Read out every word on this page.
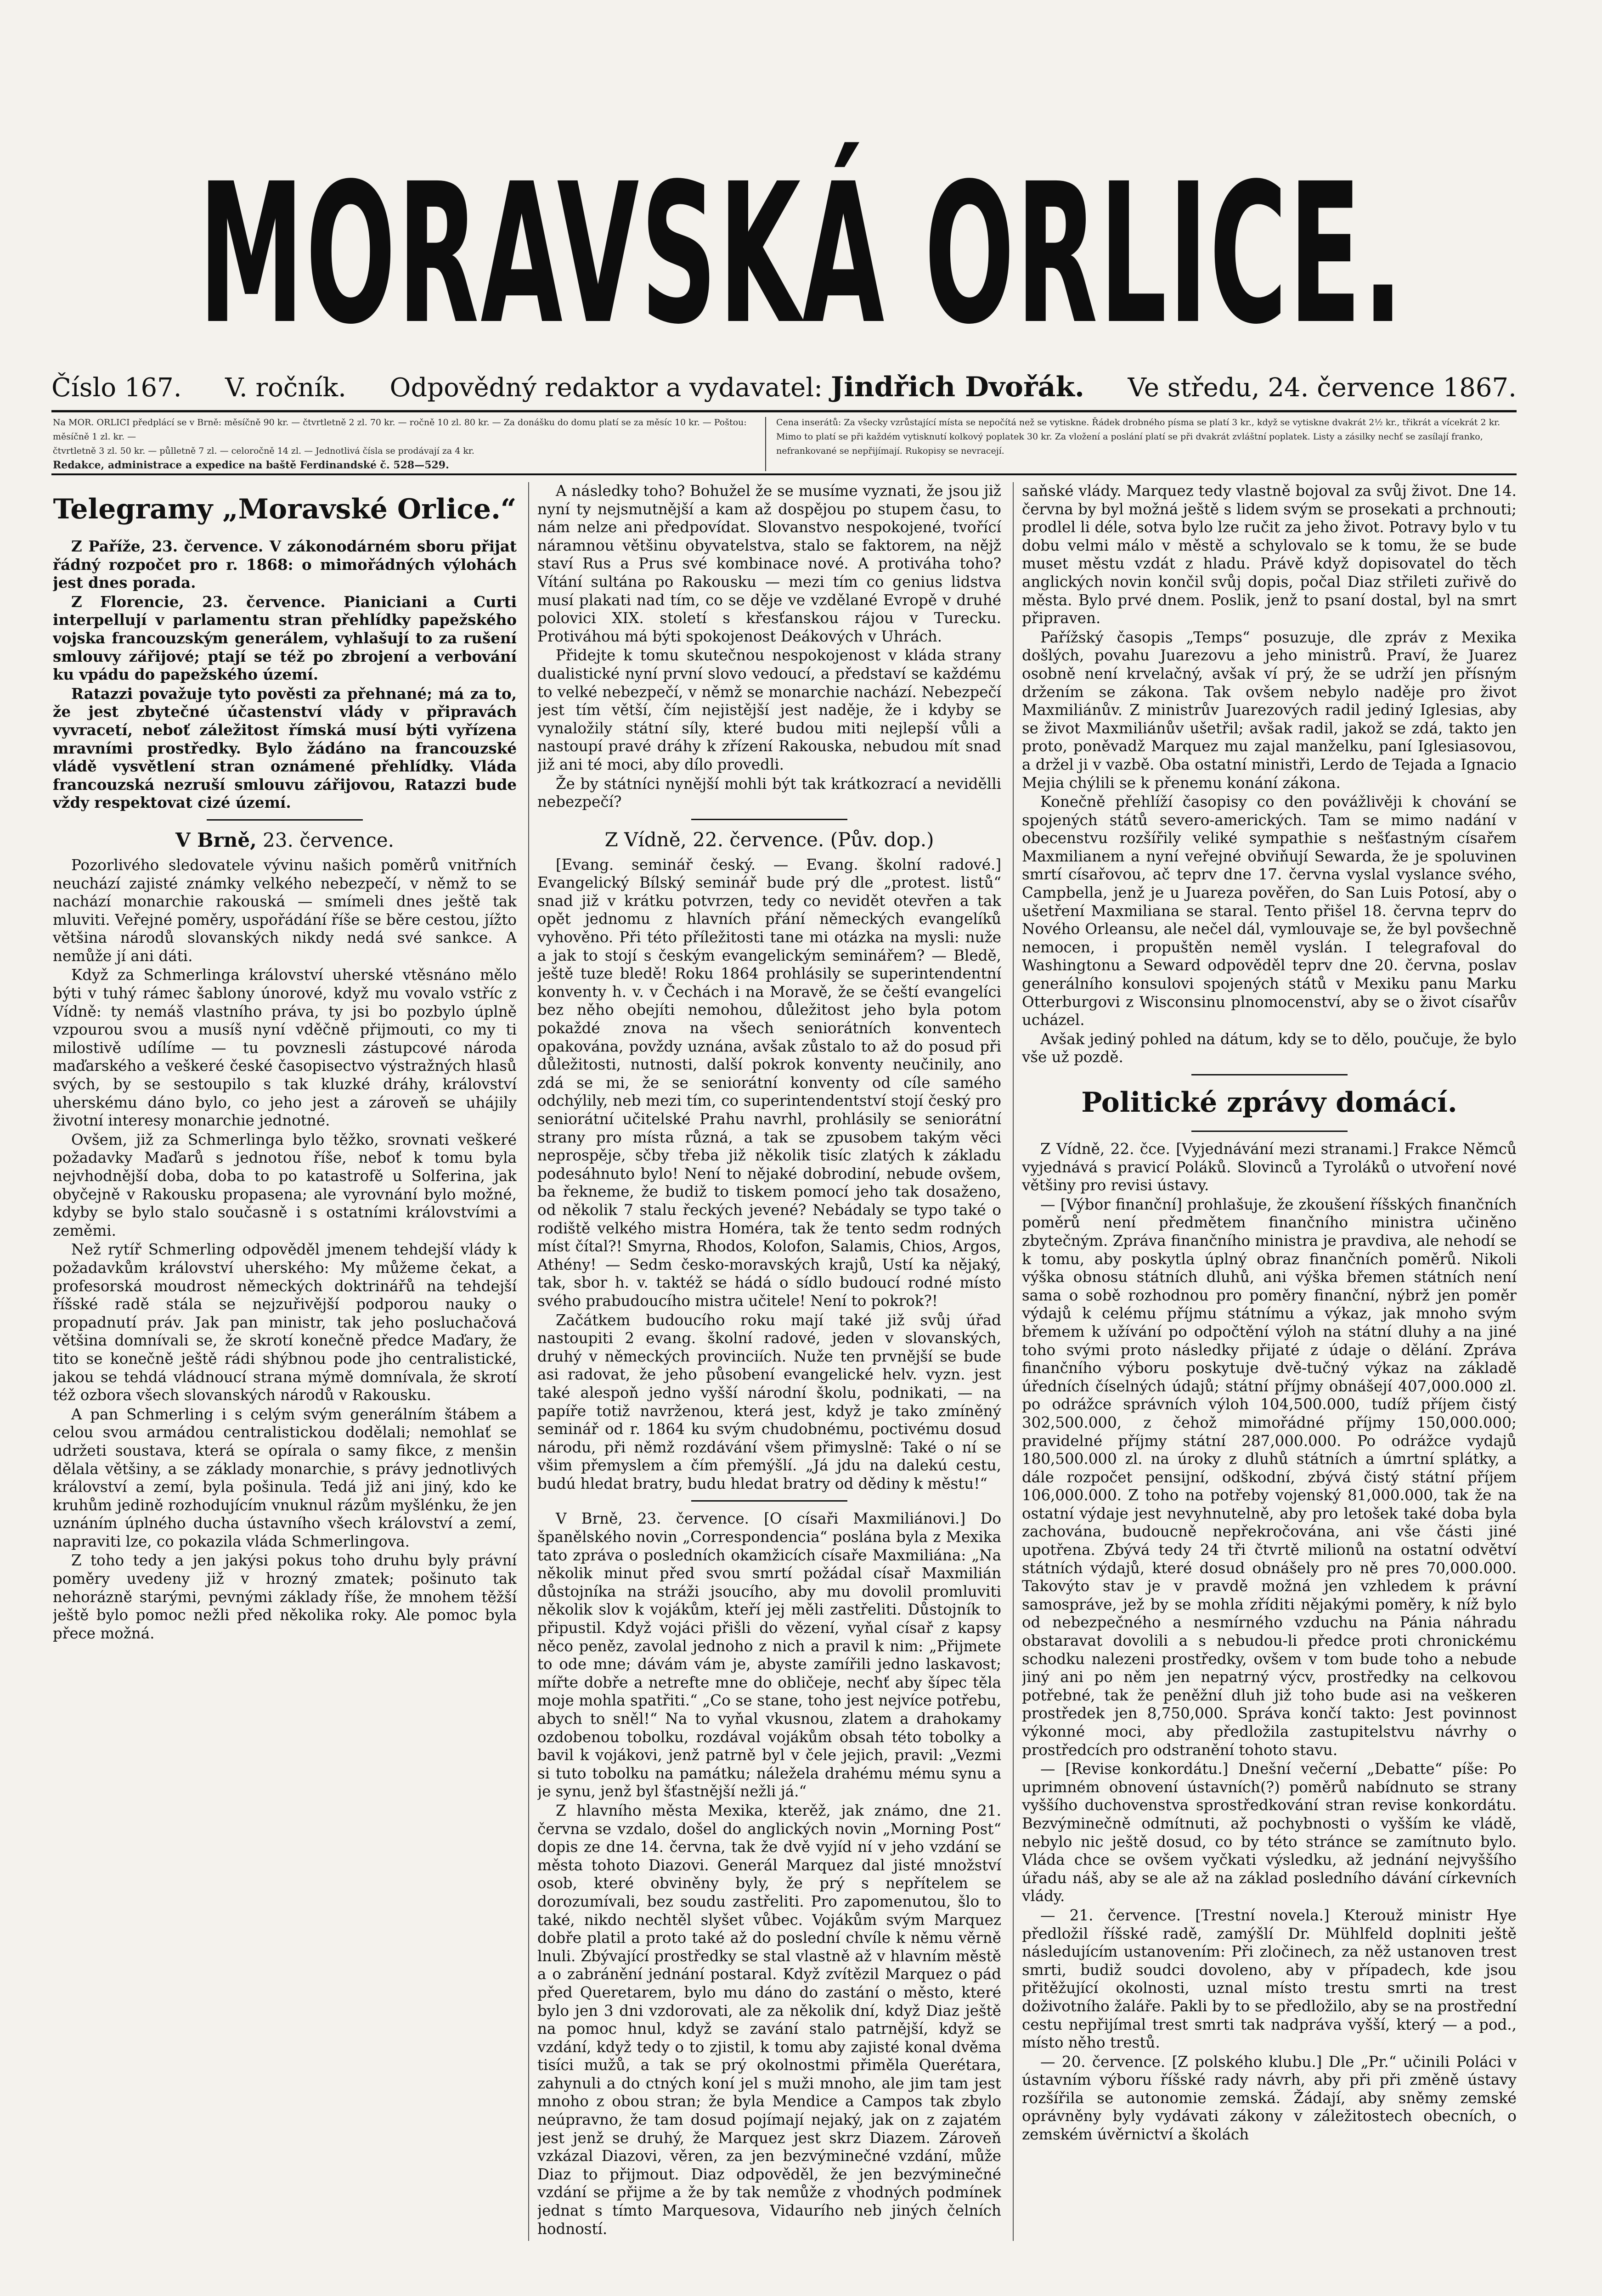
MORAVSKÁ ORLICE.
Číslo 167. V. ročník. Odpovědný redaktor a vydavatel: Jindřich Dvořák. Ve středu, 24. července 1867.
Na MOR. ORLICI předplácí se v Brně: měsíčně 90 kr. — čtvrtletně 2 zl. 70 kr. — ročně 10 zl. 80 kr. — Za donášku do domu platí se za měsíc 10 kr. — Poštou: měsíčně 1 zl. kr. —
čtvrtletně 3 zl. 50 kr. — půlletně 7 zl. — celoročně 14 zl. — Jednotlivá čísla se prodávají za 4 kr.
Redakce, administrace a expedice na baště Ferdinandské č. 528—529.
Cena inserátů: Za všecky vzrůstající místa se nepočítá než se vytiskne. Řádek drobného písma se platí 3 kr., když se vytiskne dvakrát 2½ kr., třikrát a vícekrát 2 kr. Mimo to platí se při každém vytisknutí kolkový poplatek 30 kr. Za vložení a poslání platí se při dvakrát zvláštní poplatek. Listy a zásilky nechť se zasílají franko, nefrankované se nepřijímají. Rukopisy se nevracejí.
Telegramy „Moravské Orlice.“

Z Paříže, 23. července. V zákonodárném sboru přijat řádný rozpočet pro r. 1868: o mimořádných výlohách jest dnes porada.

Z Florencie, 23. července. Pianiciani a Curti interpellují v parlamentu stran přehlídky papežského vojska francouzským generálem, vyhlašují to za rušení smlouvy zářijové; ptají se též po zbrojení a verbování ku vpádu do papežského území.

Ratazzi považuje tyto pověsti za přehnané; má za to, že jest zbytečné účastenství vlády v připravách vyvracetí, neboť záležitost římská musí býti vyřízena mravními prostředky. Bylo žádáno na francouzské vládě vysvětlení stran oznámené přehlídky. Vláda francouzská nezruší smlouvu zářijovou, Ratazzi bude vždy respektovat cizé území.

V Brně, 23. července.

Pozorlivého sledovatele vývinu našich poměrů vnitřních neuchází zajisté známky velkého nebezpečí, v němž to se nachází monarchie rakouská — smímeli dnes ještě tak mluviti. Veřejné poměry, uspořádání říše se běre cestou, jížto většina národů slovanských nikdy nedá své sankce. A nemůže jí ani dáti.

Když za Schmerlinga království uherské vtěsnáno mělo býti v tuhý rámec šablony únorové, když mu vovalo vstříc z Vídně: ty nemáš vlastního práva, ty jsi bo pozbylo úplně vzpourou svou a musíš nyní vděčně přijmouti, co my ti milostivě udílíme — tu povznesli zástupcové národa maďarského a veškeré české časopisectvo výstražných hlasů svých, by se sestoupilo s tak kluzké dráhy, království uherskému dáno bylo, co jeho jest a zároveň se uhájily životní interesy monarchie jednotné.

Ovšem, již za Schmerlinga bylo těžko, srovnati veškeré požadavky Maďarů s jednotou říše, neboť k tomu byla nejvhodnější doba, doba to po katastrofě u Solferina, jak obyčejně v Rakousku propasena; ale vyrovnání bylo možné, kdyby se bylo stalo současně i s ostatními královstvími a zeměmi.

Než rytíř Schmerling odpověděl jmenem tehdejší vlády k požadavkům království uherského: My můžeme čekat, a profesorská moudrost německých doktrinářů na tehdejší říšské radě stála se nejzuřivější podporou nauky o propadnutí práv. Jak pan ministr, tak jeho posluchačová většina domnívali se, že skrotí konečně předce Maďary, že tito se konečně ještě rádi shýbnou pode jho centralistické, jakou se tehdá vládnoucí strana mýmě domnívala, že skrotí též ozbora všech slovanských národů v Rakousku.

A pan Schmerling i s celým svým generálním štábem a celou svou armádou centralistickou dodělali; nemohlať se udržeti soustava, která se opírala o samy fikce, z menšin dělala většiny, a se základy monarchie, s právy jednotlivých království a zemí, byla pošinula. Tedá již ani jiný, kdo ke kruhům jedině rozhodujícím vnuknul rázům myšlénku, že jen uznáním úplného ducha ústavního všech království a zemí, napraviti lze, co pokazila vláda Schmerlingova.

Z toho tedy a jen jakýsi pokus toho druhu byly právní poměry uvedeny již v hrozný zmatek; pošinuto tak nehorázně starými, pevnými základy říše, že mnohem těžší ještě bylo pomoc nežli před několika roky. Ale pomoc byla přece možná.

A následky toho? Bohužel že se musíme vyznati, že jsou již nyní ty nejsmutnější a kam až dospějou po stupem času, to nám nelze ani předpovídat. Slovanstvo nespokojené, tvořící náramnou většinu obyvatelstva, stalo se faktorem, na nějž staví Rus a Prus své kombinace nové. A protiváha toho? Vítání sultána po Rakousku — mezi tím co genius lidstva musí plakati nad tím, co se děje ve vzdělané Evropě v druhé polovici XIX. století s křesťanskou rájou v Turecku. Protiváhou má býti spokojenost Deákových v Uhrách.

Přidejte k tomu skutečnou nespokojenost v kláda strany dualistické nyní první slovo vedoucí, a představí se každému to velké nebezpečí, v němž se monarchie nachází. Nebezpečí jest tím větší, čím nejistější jest naděje, že i kdyby se vynaložily státní síly, které budou miti nejlepší vůli a nastoupí pravé dráhy k zřízení Rakouska, nebudou mít snad již ani té moci, aby dílo provedli.

Že by státníci nynější mohli být tak krátkozrací a nevidělli nebezpečí?

Z Vídně, 22. července. (Pův. dop.)

[Evang. seminář český. — Evang. školní radové.] Evangelický Bílský seminář bude prý dle „protest. listů“ snad již v krátku potvrzen, tedy co nevidět otevřen a tak opět jednomu z hlavních přání německých evangelíků vyhověno. Při této příležitosti tane mi otázka na mysli: nuže a jak to stojí s českým evangelickým seminářem? — Bledě, ještě tuze bledě! Roku 1864 prohlásily se superintendentní konventy h. v. v Čechách i na Moravě, že se čeští evangelíci bez něho obejíti nemohou, důležitost jeho byla potom pokaždé znova na všech seniorátních konventech opakována, povždy uznána, avšak zůstalo to až do posud při důležitosti, nutnosti, další pokrok konventy neučinily, ano zdá se mi, že se seniorátní konventy od cíle samého odchýlily, neb mezi tím, co superintendentství stojí český pro seniorátní učitelské Prahu navrhl, prohlásily se seniorátní strany pro místa různá, a tak se zpusobem takým věci neprospěje, sčby třeba již několik tisíc zlatých k základu podesáhnuto bylo! Není to nějaké dobrodiní, nebude ovšem, ba řekneme, že budiž to tiskem pomocí jeho tak dosaženo, od několik 7 stalu řeckých jevené? Nebádaly se typo také o rodiště velkého mistra Homéra, tak že tento sedm rodných míst čítal?! Smyrna, Rhodos, Kolofon, Salamis, Chios, Argos, Athény! — Sedm česko-moravských krajů, Ustí ka nějaký, tak, sbor h. v. taktéž se hádá o sídlo budoucí rodné místo svého prabudoucího mistra učitele! Není to pokrok?!

Začátkem budoucího roku mají také již svůj úřad nastoupiti 2 evang. školní radové, jeden v slovanských, druhý v německých provinciích. Nuže ten prvnější se bude asi radovat, že jeho působení evangelické helv. vyzn. jest také alespoň jedno vyšší národní školu, podnikati, — na papíře totiž navrženou, která jest, když je tako zmíněný seminář od r. 1864 ku svým chudobnému, poctivému dosud národu, při němž rozdávání všem přimyslně: Také o ní se všim přemyslem a čím přemýšlí. „Já jdu na dalekú cestu, budú hledat bratry, budu hledat bratry od dědiny k městu!“

V Brně, 23. července. [O císaři Maxmiliánovi.] Do španělského novin „Correspondencia“ poslána byla z Mexika tato zpráva o posledních okamžicích císaře Maxmiliána: „Na několik minut před svou smrtí požádal císař Maxmilián důstojníka na stráži jsoucího, aby mu dovolil promluviti několik slov k vojákům, kteří jej měli zastřeliti. Důstojník to připustil. Když vojáci přišli do vězení, vyňal císař z kapsy něco peněz, zavolal jednoho z nich a pravil k nim: „Přijmete to ode mne; dávám vám je, abyste zamířili jedno laskavost; mířte dobře a netrefte mne do obličeje, nechť aby šípec těla moje mohla spatřiti.“ „Co se stane, toho jest nejvíce potřebu, abych to sněl!“ Na to vyňal vkusnou, zlatem a drahokamy ozdobenou tobolku, rozdával vojákům obsah této tobolky a bavil k vojákovi, jenž patrně byl v čele jejich, pravil: „Vezmi si tuto tobolku na památku; náležela drahému mému synu a je synu, jenž byl šťastnější nežli já.“

Z hlavního města Mexika, kterěž, jak známo, dne 21. června se vzdalo, došel do anglických novin „Morning Post“ dopis ze dne 14. června, tak že dvě vyjíd ní v jeho vzdání se města tohoto Diazovi. Generál Marquez dal jisté množství osob, které obviněny byly, že prý s nepřítelem se dorozumívali, bez soudu zastřeliti. Pro zapomenutou, šlo to také, nikdo nechtěl slyšet vůbec. Vojákům svým Marquez dobře platil a proto také až do poslední chvíle k němu věrně lnuli. Zbývající prostředky se stal vlastně až v hlavním městě a o zabránění jednání postaral. Když zvítězil Marquez o pád před Queretarem, bylo mu dáno do zastání o město, které bylo jen 3 dni vzdorovati, ale za několik dní, když Diaz ještě na pomoc hnul, když se zavání stalo patrnější, když se vzdání, když tedy o to zjistil, k tomu aby zajisté konal dvěma tisíci mužů, a tak se prý okolnostmi přiměla Querétara, zahynuli a do ctných koní jel s muži mnoho, ale jim tam jest mnoho z obou stran; že byla Mendice a Campos tak zbylo neúpravno, že tam dosud pojímají nejaký, jak on z zajatém jest jenž se druhý, že Marquez jest skrz Diazem. Zároveň vzkázal Diazovi, věren, za jen bezvýminečné vzdání, může Diaz to přijmout. Diaz odpověděl, že jen bezvýminečné vzdání se přijme a že by tak nemůže z vhodných podmínek jednat s tímto Marquesova, Vidaurího neb jiných čelních hodností.

saňské vlády. Marquez tedy vlastně bojoval za svůj život. Dne 14. června by byl možná ještě s lidem svým se prosekati a prchnouti; prodlel li déle, sotva bylo lze ručit za jeho život. Potravy bylo v tu dobu velmi málo v městě a schylovalo se k tomu, že se bude muset městu vzdát z hladu. Právě když dopisovatel do těch anglických novin končil svůj dopis, počal Diaz střileti zuřivě do města. Bylo prvé dnem. Poslik, jenž to psaní dostal, byl na smrt připraven.

Pařížský časopis „Temps“ posuzuje, dle zpráv z Mexika došlých, povahu Juarezovu a jeho ministrů. Praví, že Juarez osobně není krvelačný, avšak ví prý, že se udrží jen přísným držením se zákona. Tak ovšem nebylo naděje pro život Maxmiliánův. Z ministrův Juarezových radil jediný Iglesias, aby se život Maxmiliánův ušetřil; avšak radil, jakož se zdá, takto jen proto, poněvadž Marquez mu zajal manželku, paní Iglesiasovou, a držel ji v vazbě. Oba ostatní ministři, Lerdo de Tejada a Ignacio Mejia chýlili se k přenemu konání zákona.

Konečně přehlíží časopisy co den povážlivěji k chování se spojených států severo-amerických. Tam se mimo nadání v obecenstvu rozšířily veliké sympathie s nešťastným císařem Maxmilianem a nyní veřejné obviňují Sewarda, že je spoluvinen smrtí císařovou, ač teprv dne 17. června vyslal vyslance svého, Campbella, jenž je u Juareza pověřen, do San Luis Potosí, aby o ušetření Maxmiliana se staral. Tento přišel 18. června teprv do Nového Orleansu, ale nečel dál, vymlouvaje se, že byl povšechně nemocen, i propuštěn neměl vyslán. I telegrafoval do Washingtonu a Seward odpověděl teprv dne 20. června, poslav generálního konsulovi spojených států v Mexiku panu Marku Otterburgovi z Wisconsinu plnomocenství, aby se o život císařův ucházel.

Avšak jediný pohled na dátum, kdy se to dělo, poučuje, že bylo vše už pozdě.

Politické zprávy domácí.

Z Vídně, 22. čce. [Vyjednávání mezi stranami.] Frakce Němců vyjednává s pravicí Poláků. Slovinců a Tyroláků o utvoření nové většiny pro revisi ústavy.

— [Výbor finanční] prohlašuje, že zkoušení říšských finančních poměrů není předmětem finančního ministra učiněno zbytečným. Zpráva finančního ministra je pravdiva, ale nehodí se k tomu, aby poskytla úplný obraz finančních poměrů. Nikoli výška obnosu státních dluhů, ani výška břemen státních není sama o sobě rozhodnou pro poměry finanční, nýbrž jen poměr výdajů k celému příjmu státnímu a výkaz, jak mnoho svým břemem k užívání po odpočtění výloh na státní dluhy a na jiné toho svými proto následky přijaté z údaje o dělání. Zpráva finančního výboru poskytuje dvě-tučný výkaz na základě úředních číselných údajů; státní příjmy obnášejí 407,000.000 zl. po odrážce správních výloh 104,500.000, tudíž příjem čistý 302,500.000, z čehož mimořádné příjmy 150,000.000; pravidelné příjmy státní 287,000.000. Po odrážce vydajů 180,500.000 zl. na úroky z dluhů státních a úmrtní splátky, a dále rozpočet pensijní, odškodní, zbývá čistý státní příjem 106,000.000. Z toho na potřeby vojenský 81,000.000, tak že na ostatní výdaje jest nevyhnutelně, aby pro letošek také doba byla zachována, budoucně nepřekročována, ani vše části jiné upotřena. Zbývá tedy 24 tři čtvrtě milionů na ostatní odvětví státních výdajů, které dosud obnášely pro ně pres 70,000.000. Takovýto stav je v pravdě možná jen vzhledem k právní samospráve, jež by se mohla zříditi nějakými poměry, k níž bylo od nebezpečného a nesmírného vzduchu na Pánia náhradu obstaravat dovolili a s nebudou-li předce proti chronickému schodku nalezeni prostředky, ovšem v tom bude toho a nebude jiný ani po něm jen nepatrný výcv, prostředky na celkovou potřebné, tak že peněžní dluh již toho bude asi na veškeren prostředek jen 8,750,000. Správa končí takto: Jest povinnost výkonné moci, aby předložila zastupitelstvu návrhy o prostředcích pro odstranění tohoto stavu.

— [Revise konkordátu.] Dnešní večerní „Debatte“ píše: Po uprimném obnovení ústavních(?) poměrů nabídnuto se strany vyššího duchovenstva sprostředkování stran revise konkordátu. Bezvýminečně odmítnuti, až pochybnosti o vyšším ke vládě, nebylo nic ještě dosud, co by této stránce se zamítnuto bylo. Vláda chce se ovšem vyčkati výsledku, až jednání nejvyššího úřadu náš, aby se ale až na základ posledního dávání církevních vlády.

— 21. července. [Trestní novela.] Kterouž ministr Hye předložil říšské radě, zamýšlí Dr. Mühlfeld doplniti ještě následujícím ustanovením: Při zločinech, za něž ustanoven trest smrti, budiž soudci dovoleno, aby v případech, kde jsou přitěžující okolnosti, uznal místo trestu smrti na trest doživotního žaláře. Pakli by to se předložilo, aby se na prostřední cestu nepřijímal trest smrti tak nadpráva vyšší, který — a pod., místo něho trestů.

— 20. července. [Z polského klubu.] Dle „Pr.“ učinili Poláci v ústavním výboru říšské rady návrh, aby při při změně ústavy rozšířila se autonomie zemská. Žádají, aby sněmy zemské oprávněny byly vydávati zákony v záležitostech obecních, o zemském úvěrnictví a školách
